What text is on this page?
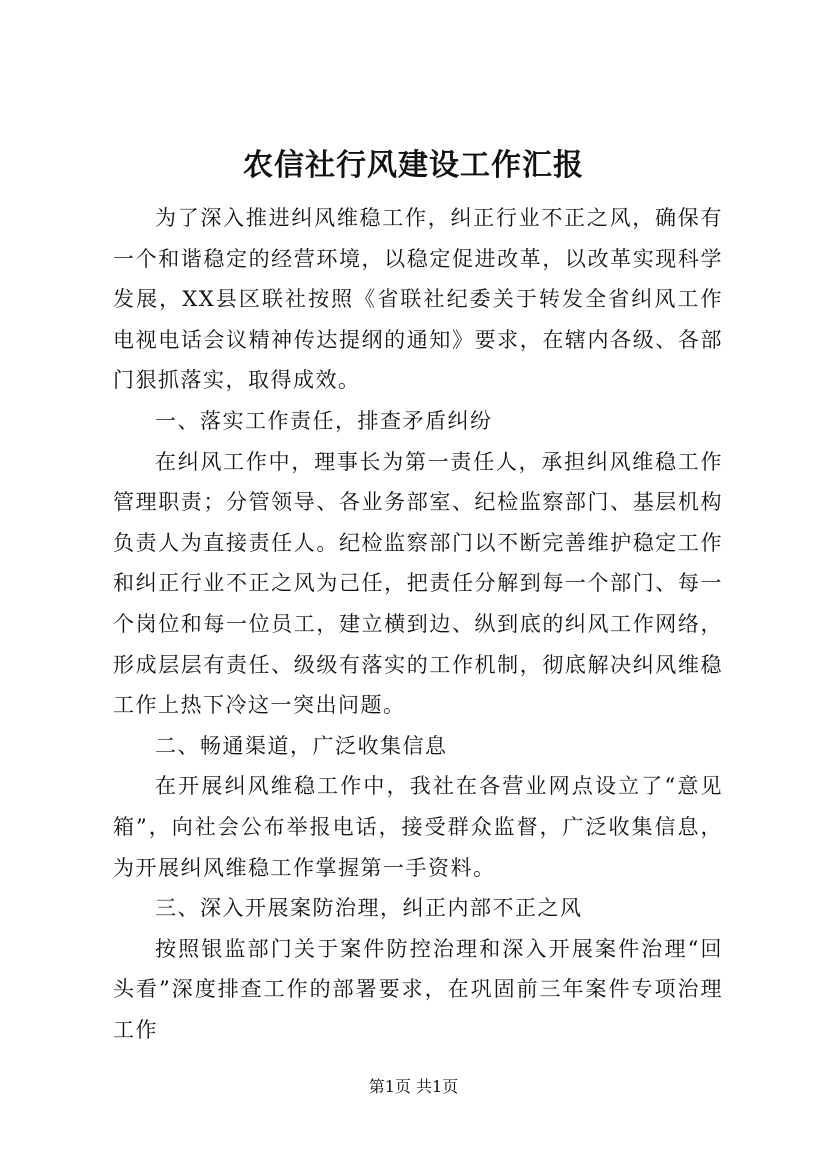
农信社行风建设工作汇报

为了深入推进纠风维稳工作，纠正行业不正之风，确保有一个和谐稳定的经营环境，以稳定促进改革，以改革实现科学发展，XX县区联社按照《省联社纪委关于转发全省纠风工作电视电话会议精神传达提纲的通知》要求，在辖内各级、各部门狠抓落实，取得成效。

一、落实工作责任，排查矛盾纠纷

在纠风工作中，理事长为第一责任人，承担纠风维稳工作管理职责；分管领导、各业务部室、纪检监察部门、基层机构负责人为直接责任人。纪检监察部门以不断完善维护稳定工作和纠正行业不正之风为己任，把责任分解到每一个部门、每一个岗位和每一位员工，建立横到边、纵到底的纠风工作网络，形成层层有责任、级级有落实的工作机制，彻底解决纠风维稳工作上热下冷这一突出问题。

二、畅通渠道，广泛收集信息

在开展纠风维稳工作中，我社在各营业网点设立了“意见箱”，向社会公布举报电话，接受群众监督，广泛收集信息，为开展纠风维稳工作掌握第一手资料。

三、深入开展案防治理，纠正内部不正之风

按照银监部门关于案件防控治理和深入开展案件治理“回头看”深度排查工作的部署要求，在巩固前三年案件专项治理工作

第1页 共1页
